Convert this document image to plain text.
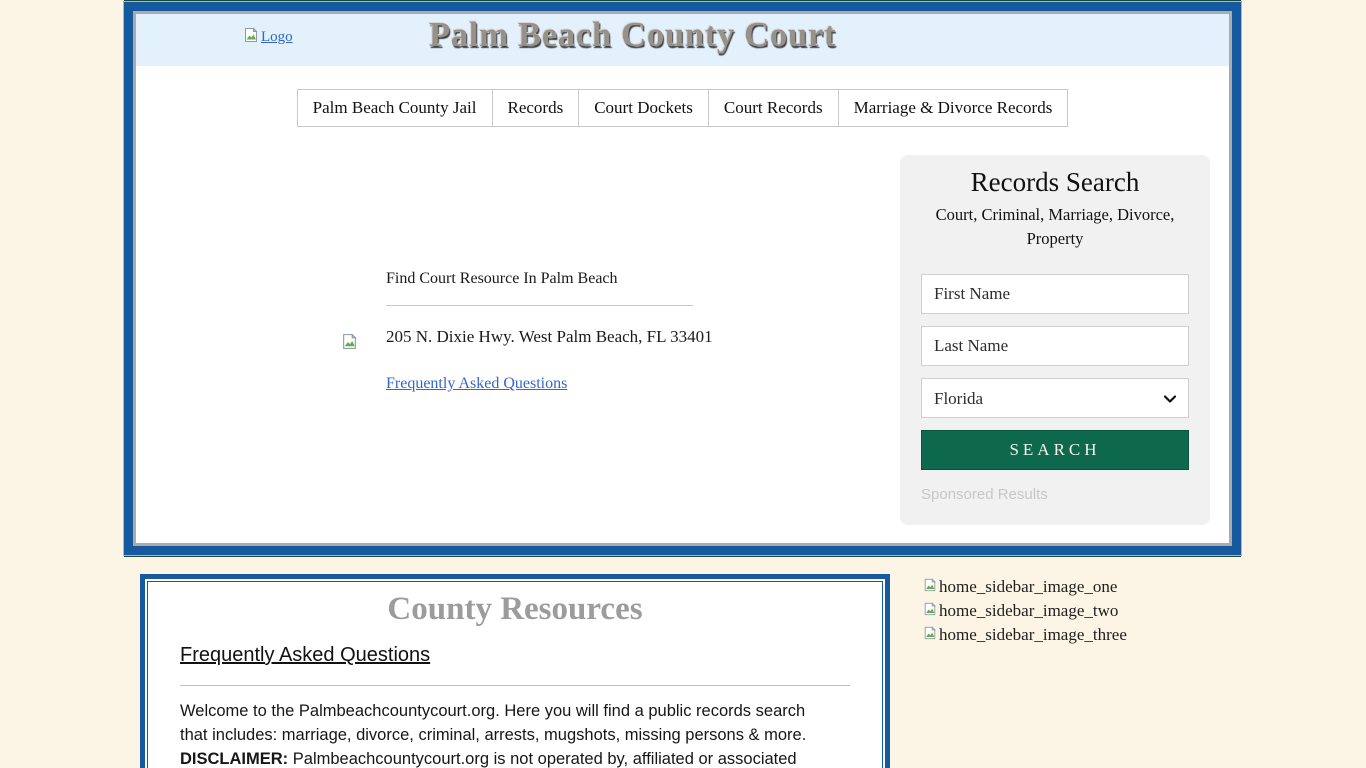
Logo	Palm Beach County Court
Palm Beach County Jail	Records	Court Dockets	Court Records	Marriage & Divorce Records
Find Court Resource In Palm Beach
205 N. Dixie Hwy. West Palm Beach, FL 33401
Frequently Asked Questions
Records Search
Court, Criminal, Marriage, Divorce, Property
First Name
Last Name
Florida
SEARCH
Sponsored Results
County Resources
Frequently Asked Questions

Welcome to the Palmbeachcountycourt.org. Here you will find a public records search that includes: marriage, divorce, criminal, arrests, mugshots, missing persons & more. DISCLAIMER: Palmbeachcountycourt.org is not operated by, affiliated or associated

home_sidebar_image_one
home_sidebar_image_two
home_sidebar_image_three
